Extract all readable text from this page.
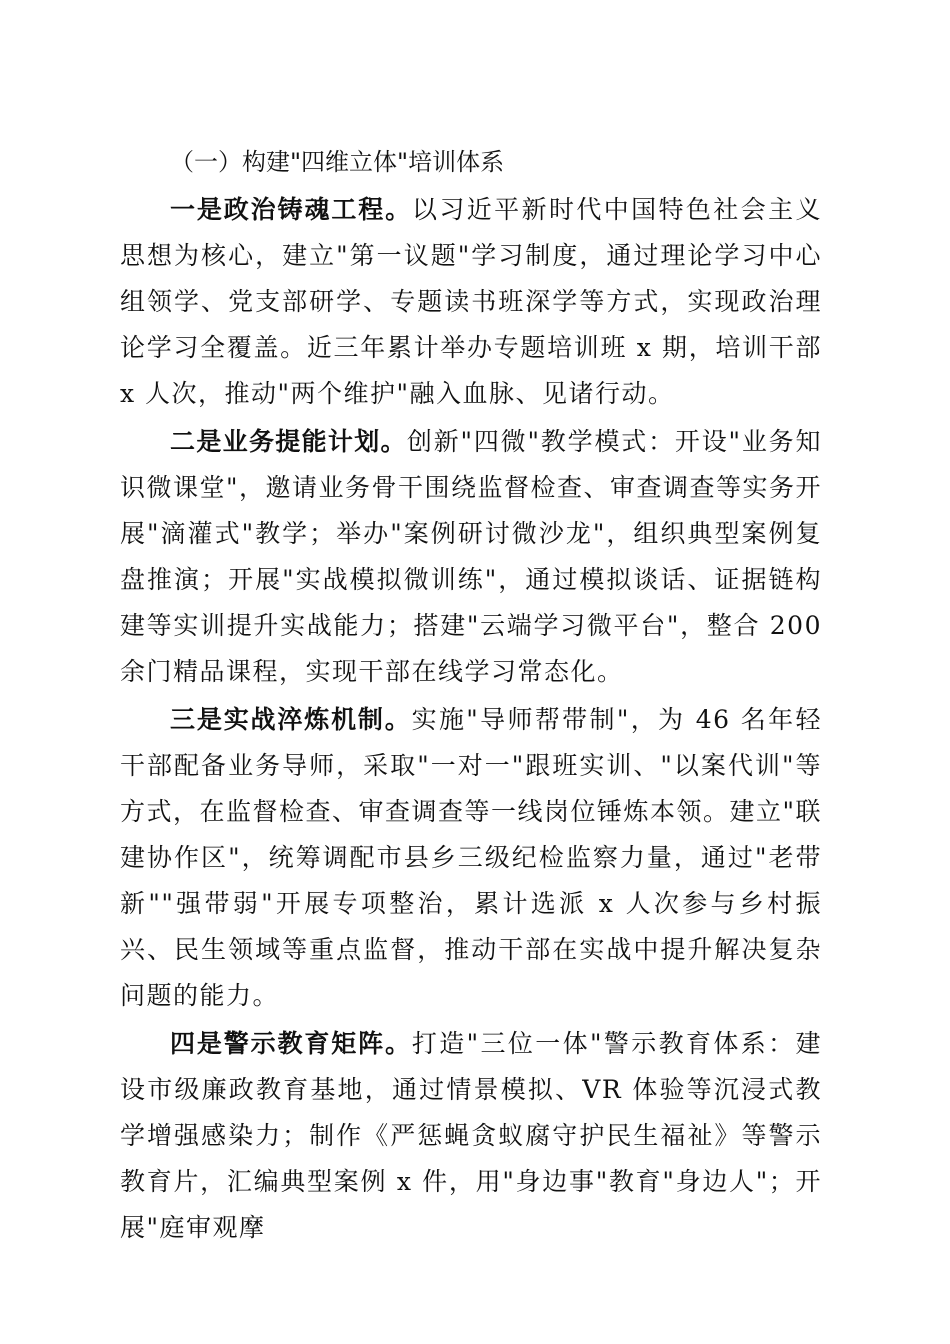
（一）构建"四维立体"培训体系

一是政治铸魂工程。以习近平新时代中国特色社会主义思想为核心，建立"第一议题"学习制度，通过理论学习中心组领学、党支部研学、专题读书班深学等方式，实现政治理论学习全覆盖。近三年累计举办专题培训班 x 期，培训干部 x 人次，推动"两个维护"融入血脉、见诸行动。

二是业务提能计划。创新"四微"教学模式：开设"业务知识微课堂"，邀请业务骨干围绕监督检查、审查调查等实务开展"滴灌式"教学；举办"案例研讨微沙龙"，组织典型案例复盘推演；开展"实战模拟微训练"，通过模拟谈话、证据链构建等实训提升实战能力；搭建"云端学习微平台"，整合 200 余门精品课程，实现干部在线学习常态化。

三是实战淬炼机制。实施"导师帮带制"，为 46 名年轻干部配备业务导师，采取"一对一"跟班实训、"以案代训"等方式，在监督检查、审查调查等一线岗位锤炼本领。建立"联建协作区"，统筹调配市县乡三级纪检监察力量，通过"老带新""强带弱"开展专项整治，累计选派 x 人次参与乡村振兴、民生领域等重点监督，推动干部在实战中提升解决复杂问题的能力。

四是警示教育矩阵。打造"三位一体"警示教育体系：建设市级廉政教育基地，通过情景模拟、VR 体验等沉浸式教学增强感染力；制作《严惩蝇贪蚁腐守护民生福祉》等警示教育片，汇编典型案例 x 件，用"身边事"教育"身边人"；开展"庭审观摩
